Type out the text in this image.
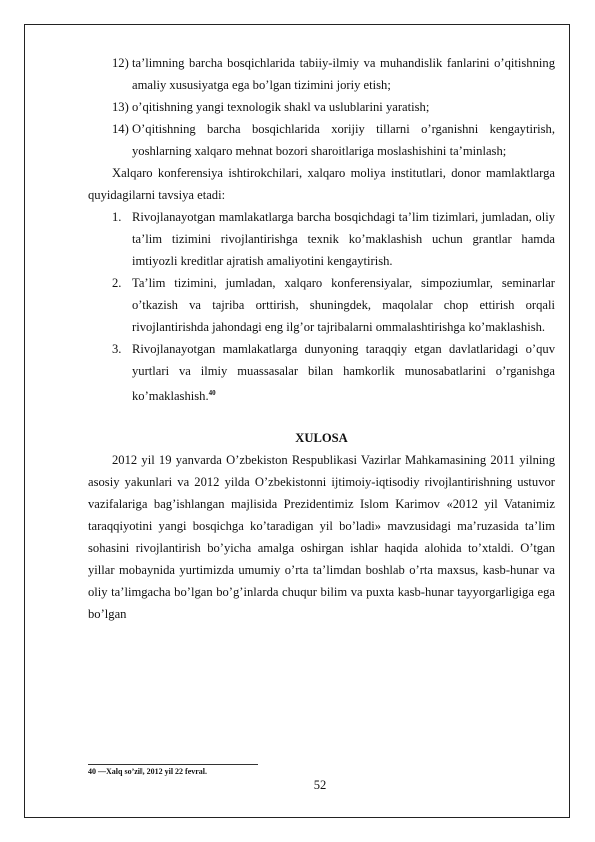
12) ta’limning barcha bosqichlarida tabiiy-ilmiy va muhandislik fanlarini o’qitishning amaliy xususiyatga ega bo’lgan tizimini joriy etish;
13) o’qitishning yangi texnologik shakl va uslublarini yaratish;
14) O’qitishning barcha bosqichlarida xorijiy tillarni o’rganishni kengaytirish, yoshlarning xalqaro mehnat bozori sharoitlariga moslashishini ta’minlash;
Xalqaro konferensiya ishtirokchilari, xalqaro moliya institutlari, donor mamlaktlarga quyidagilarni tavsiya etadi:
1. Rivojlanayotgan mamlakatlarga barcha bosqichdagi ta’lim tizimlari, jumladan, oliy ta’lim tizimini rivojlantirishga texnik ko’maklashish uchun grantlar hamda imtiyozli kreditlar ajratish amaliyotini kengaytirish.
2. Ta’lim tizimini, jumladan, xalqaro konferensiyalar, simpoziumlar, seminarlar o’tkazish va tajriba orttirish, shuningdek, maqolalar chop ettirish orqali rivojlantirishda jahondagi eng ilg’or tajribalarni ommalashtirishga ko’maklashish.
3. Rivojlanayotgan mamlakatlarga dunyoning taraqqiy etgan davlatlaridagi o’quv yurtlari va ilmiy muassasalar bilan hamkorlik munosabatlarini o’rganishga ko’maklashish.$^{40}$
XULOSA
2012 yil 19 yanvarda O’zbekiston Respublikasi Vazirlar Mahkamasining 2011 yilning asosiy yakunlari va 2012 yilda O’zbekistonni ijtimoiy-iqtisodiy rivojlantirishning ustuvor vazifalariga bag’ishlangan majlisida Prezidentimiz Islom Karimov «2012 yil Vatanimiz taraqqiyotini yangi bosqichga ko’taradigan yil bo’ladi» mavzusidagi ma’ruzasida ta’lim sohasini rivojlantirish bo’yicha amalga oshirgan ishlar haqida alohida to’xtaldi. O’tgan yillar mobaynida yurtimizda umumiy o’rta ta’limdan boshlab o’rta maxsus, kasb-hunar va oliy ta’limgacha bo’lgan bo’g’inlarda chuqur bilim va puxta kasb-hunar tayyorgarligiga ega bo’lgan
40 ―Xalq so’zi‖, 2012 yil 22 fevral.
52
